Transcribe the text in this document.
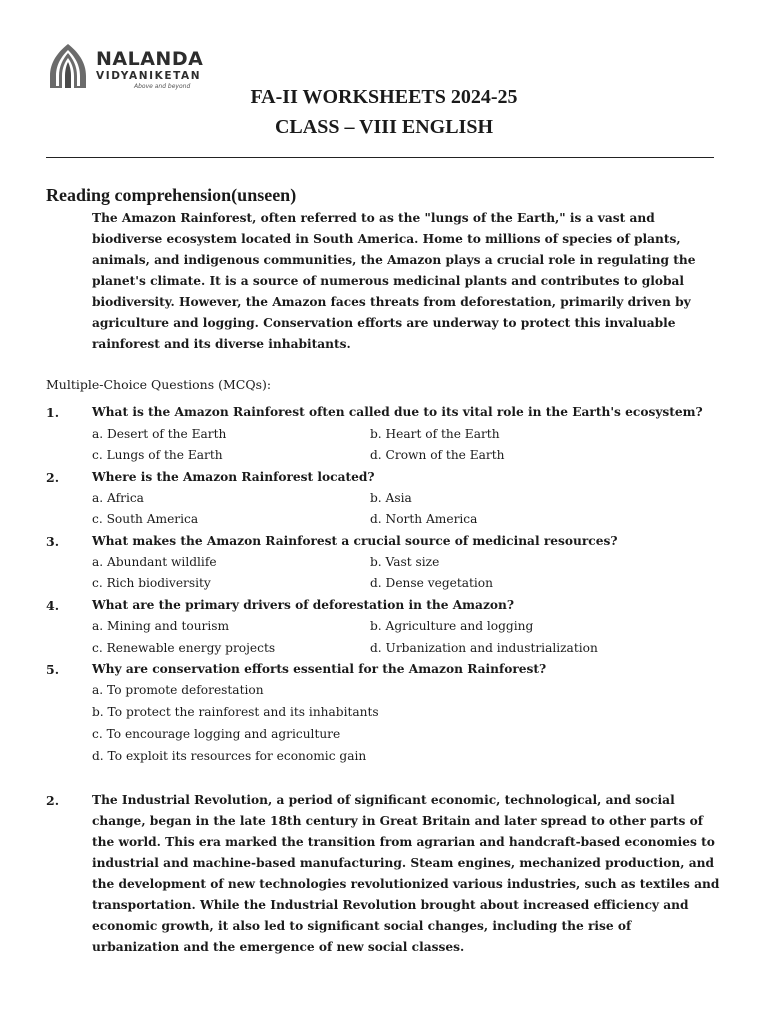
NALANDA
VIDYANIKETAN
Above and beyond	FA-II WORKSHEETS 2024-25
CLASS – VIII ENGLISH
Reading comprehension(unseen)
The Amazon Rainforest, often referred to as the "lungs of the Earth," is a vast and biodiverse ecosystem located in South America. Home to millions of species of plants, animals, and indigenous communities, the Amazon plays a crucial role in regulating the planet's climate. It is a source of numerous medicinal plants and contributes to global biodiversity. However, the Amazon faces threats from deforestation, primarily driven by agriculture and logging. Conservation efforts are underway to protect this invaluable rainforest and its diverse inhabitants.
Multiple-Choice Questions (MCQs):
1.	What is the Amazon Rainforest often called due to its vital role in the Earth's ecosystem?
a. Desert of the Earth	b. Heart of the Earth
c. Lungs of the Earth	d. Crown of the Earth
2.	Where is the Amazon Rainforest located?
a. Africa	b. Asia
c. South America	d. North America
3.	What makes the Amazon Rainforest a crucial source of medicinal resources?
a. Abundant wildlife	b. Vast size
c. Rich biodiversity	d. Dense vegetation
4.	What are the primary drivers of deforestation in the Amazon?
a. Mining and tourism	b. Agriculture and logging
c. Renewable energy projects	d. Urbanization and industrialization
5.	Why are conservation efforts essential for the Amazon Rainforest?
a. To promote deforestation
b. To protect the rainforest and its inhabitants
c. To encourage logging and agriculture
d. To exploit its resources for economic gain
2.	The Industrial Revolution, a period of significant economic, technological, and social change, began in the late 18th century in Great Britain and later spread to other parts of the world. This era marked the transition from agrarian and handcraft-based economies to industrial and machine-based manufacturing. Steam engines, mechanized production, and the development of new technologies revolutionized various industries, such as textiles and transportation. While the Industrial Revolution brought about increased efficiency and economic growth, it also led to significant social changes, including the rise of urbanization and the emergence of new social classes.
